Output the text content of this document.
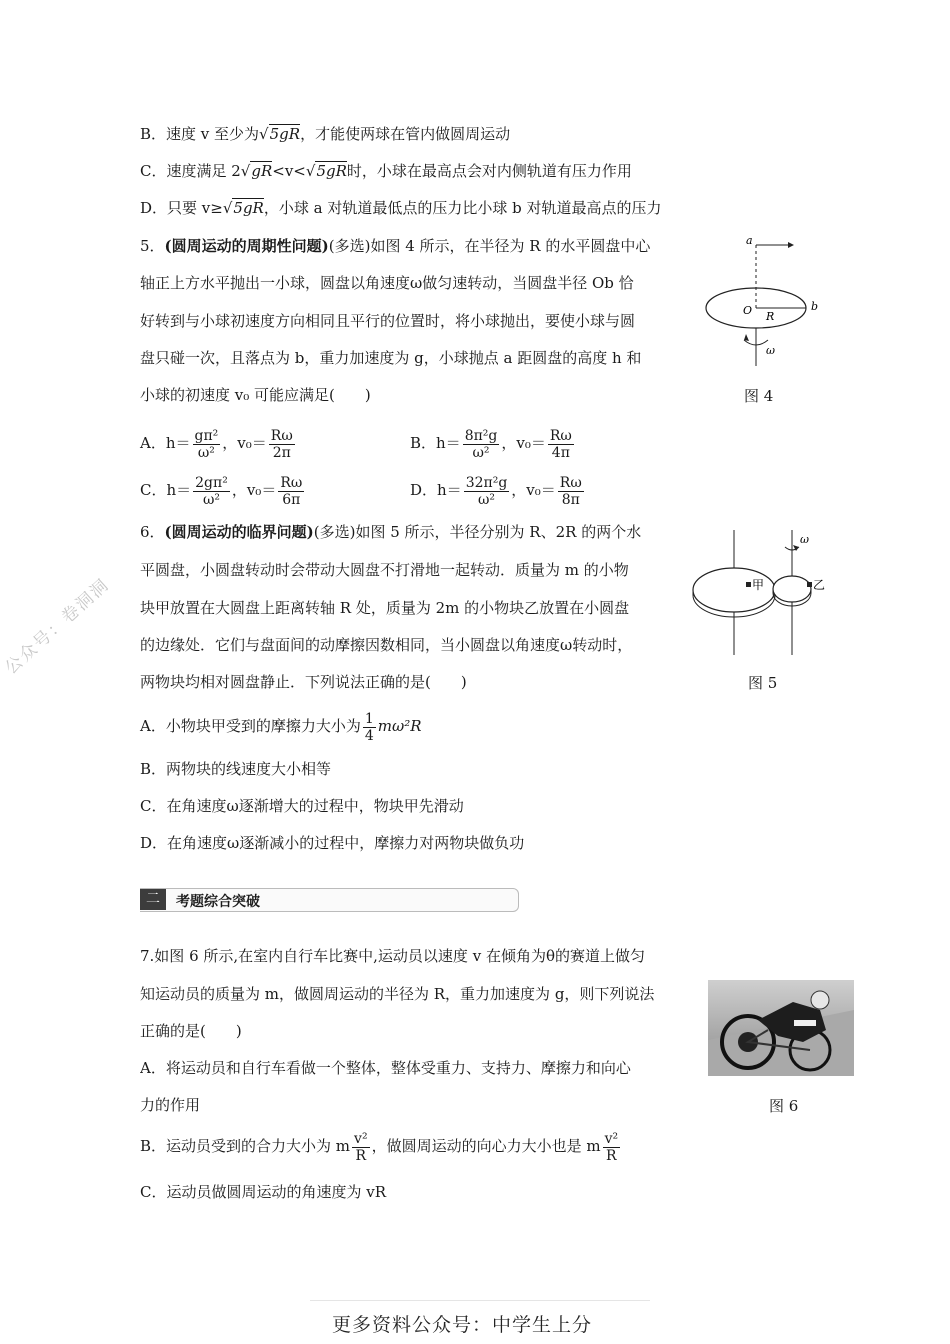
公众号：卷洞洞
B．速度 v 至少为√5gR，才能使两球在管内做圆周运动
C．速度满足 2√gR<v<√5gR时，小球在最高点会对内侧轨道有压力作用
D．只要 v≥√5gR，小球 a 对轨道最低点的压力比小球 b 对轨道最高点的压力
5．(圆周运动的周期性问题)(多选)如图 4 所示，在半径为 R 的水平圆盘中心
轴正上方水平抛出一小球，圆盘以角速度ω做匀速转动，当圆盘半径 Ob 恰
好转到与小球初速度方向相同且平行的位置时，将小球抛出，要使小球与圆
盘只碰一次，且落点为 b，重力加速度为 g，小球抛点 a 距圆盘的高度 h 和
小球的初速度 v₀ 可能应满足(　　)
a
O R
b
ω
图 4
A．$h= \frac{\text{gπ²}}{\text{ω²}}$ ，$v_0= \frac{R\omega}{2\pi}$	B．$h= \frac{\text{8π²g}}{\text{ω²}}$ ，$v_0= \frac{R\omega}{4\pi}$
C．$h= \frac{\text{2gπ²}}{\text{ω²}}$ ，$v_0= \frac{R\omega}{6\pi}$	D．$h= \frac{\text{32π²g}}{\text{ω²}}$ ，$v_0= \frac{R\omega}{8\pi}$
6．(圆周运动的临界问题)(多选)如图 5 所示，半径分别为 R、2R 的两个水
平圆盘，小圆盘转动时会带动大圆盘不打滑地一起转动．质量为 m 的小物
块甲放置在大圆盘上距离转轴 R 处，质量为 2m 的小物块乙放置在小圆盘
的边缘处．它们与盘面间的动摩擦因数相同，当小圆盘以角速度ω转动时，
两物块均相对圆盘静止．下列说法正确的是(　　)
甲	乙
ω
图 5
A．小物块甲受到的摩擦力大小为 $\frac{1}{4} m\omega^2R$
B．两物块的线速度大小相等
C．在角速度ω逐渐增大的过程中，物块甲先滑动
D．在角速度ω逐渐减小的过程中，摩擦力对两物块做负功
二	考题综合突破
7.如图 6 所示,在室内自行车比赛中,运动员以速度 v 在倾角为θ的赛道上做匀
知运动员的质量为 m，做圆周运动的半径为 R，重力加速度为 g，则下列说法
正确的是(　　)
A．将运动员和自行车看做一个整体，整体受重力、支持力、摩擦力和向心
力的作用
B．运动员受到的合力大小为 m $\frac{\text{v²}}{R}$ ，做圆周运动的向心力大小也是 m $\frac{\text{v²}}{R}$
C．运动员做圆周运动的角速度为 vR
图 6
更多资料公众号：中学生上分
